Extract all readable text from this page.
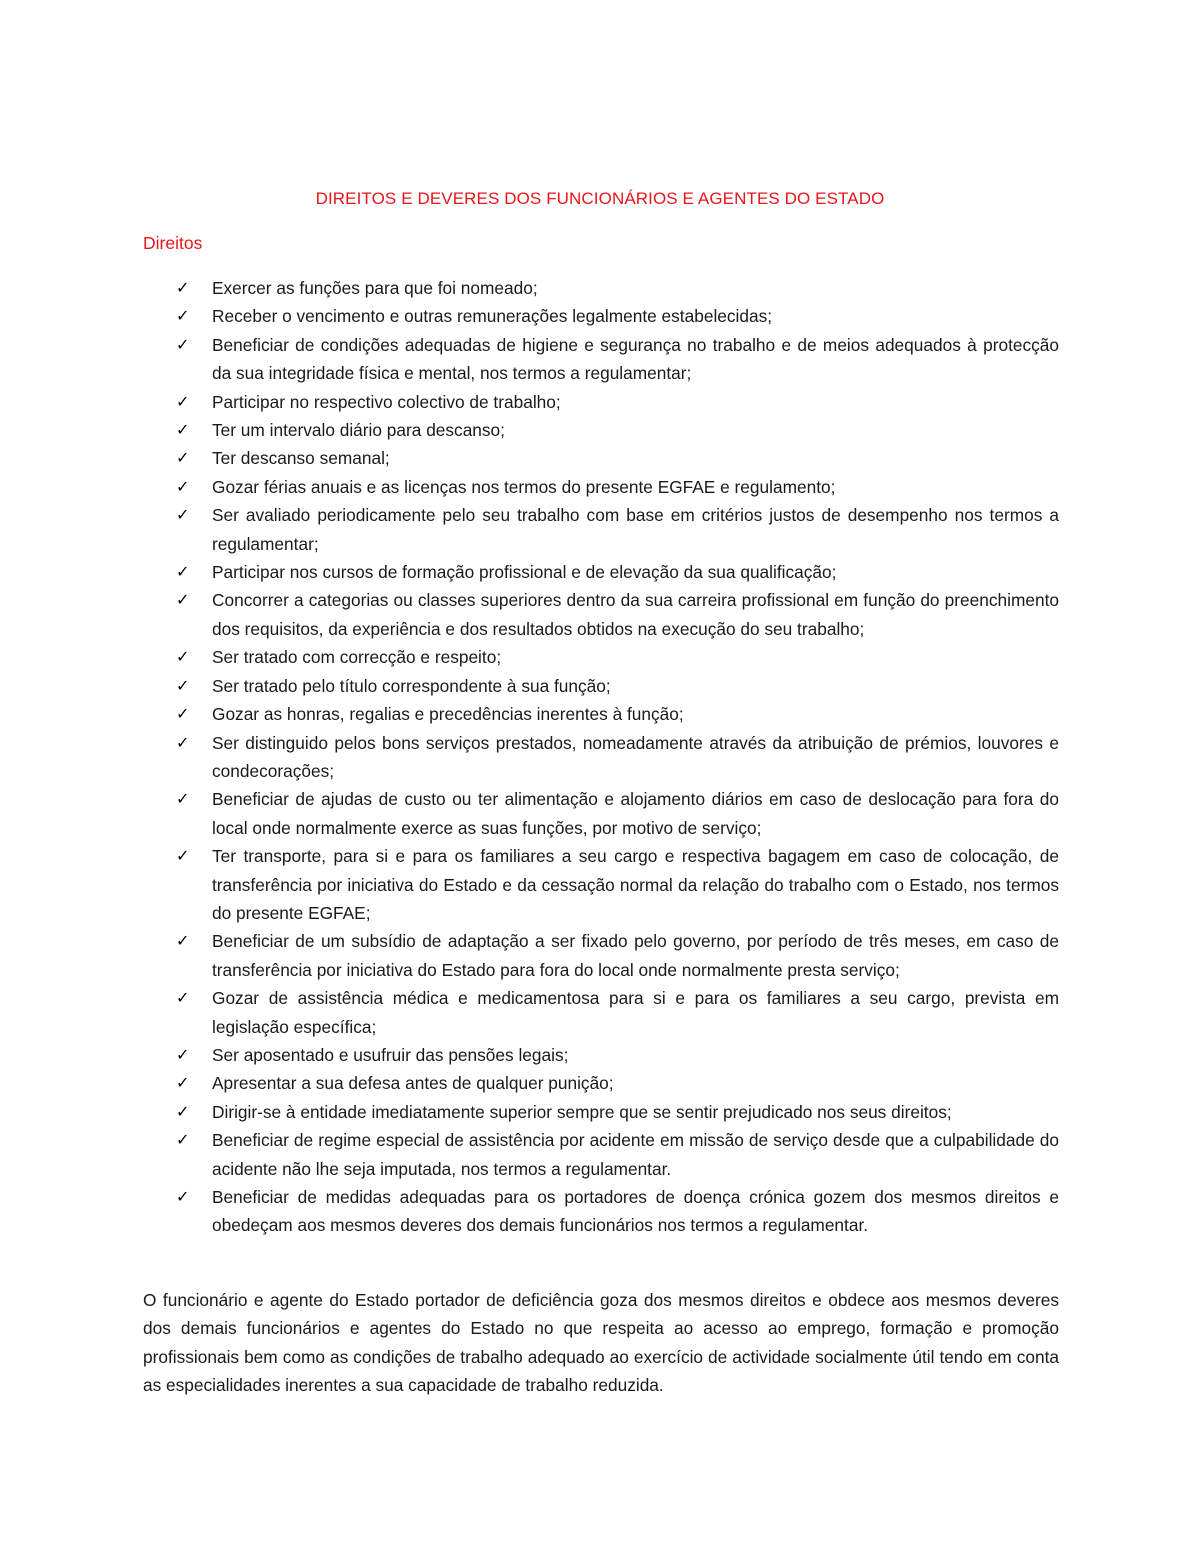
DIREITOS E DEVERES DOS FUNCIONÁRIOS E AGENTES DO ESTADO
Direitos
✓ Exercer as funções para que foi nomeado;
✓ Receber o vencimento e outras remunerações legalmente estabelecidas;
✓ Beneficiar de condições adequadas de higiene e segurança no trabalho e de meios adequados à protecção da sua integridade física e mental, nos termos a regulamentar;
✓ Participar no respectivo colectivo de trabalho;
✓ Ter um intervalo diário para descanso;
✓ Ter descanso semanal;
✓ Gozar férias anuais e as licenças nos termos do presente EGFAE e regulamento;
✓ Ser avaliado periodicamente pelo seu trabalho com base em critérios justos de desempenho nos termos a regulamentar;
✓ Participar nos cursos de formação profissional e de elevação da sua qualificação;
✓ Concorrer a categorias ou classes superiores dentro da sua carreira profissional em função do preenchimento dos requisitos, da experiência e dos resultados obtidos na execução do seu trabalho;
✓ Ser tratado com correcção e respeito;
✓ Ser tratado pelo título correspondente à sua função;
✓ Gozar as honras, regalias e precedências inerentes à função;
✓ Ser distinguido pelos bons serviços prestados, nomeadamente através da atribuição de prémios, louvores e condecorações;
✓ Beneficiar de ajudas de custo ou ter alimentação e alojamento diários em caso de deslocação para fora do local onde normalmente exerce as suas funções, por motivo de serviço;
✓ Ter transporte, para si e para os familiares a seu cargo e respectiva bagagem em caso de colocação, de transferência por iniciativa do Estado e da cessação normal da relação do trabalho com o Estado, nos termos do presente EGFAE;
✓ Beneficiar de um subsídio de adaptação a ser fixado pelo governo, por período de três meses, em caso de transferência por iniciativa do Estado para fora do local onde normalmente presta serviço;
✓ Gozar de assistência médica e medicamentosa para si e para os familiares a seu cargo, prevista em legislação específica;
✓ Ser aposentado e usufruir das pensões legais;
✓ Apresentar a sua defesa antes de qualquer punição;
✓ Dirigir-se à entidade imediatamente superior sempre que se sentir prejudicado nos seus direitos;
✓ Beneficiar de regime especial de assistência por acidente em missão de serviço desde que a culpabilidade do acidente não lhe seja imputada, nos termos a regulamentar.
✓ Beneficiar de medidas adequadas para os portadores de doença crónica gozem dos mesmos direitos e obedeçam aos mesmos deveres dos demais funcionários nos termos a regulamentar.

O funcionário e agente do Estado portador de deficiência goza dos mesmos direitos e obdece aos mesmos deveres dos demais funcionários e agentes do Estado no que respeita ao acesso ao emprego, formação e promoção profissionais bem como as condições de trabalho adequado ao exercício de actividade socialmente útil tendo em conta as especialidades inerentes a sua capacidade de trabalho reduzida.
